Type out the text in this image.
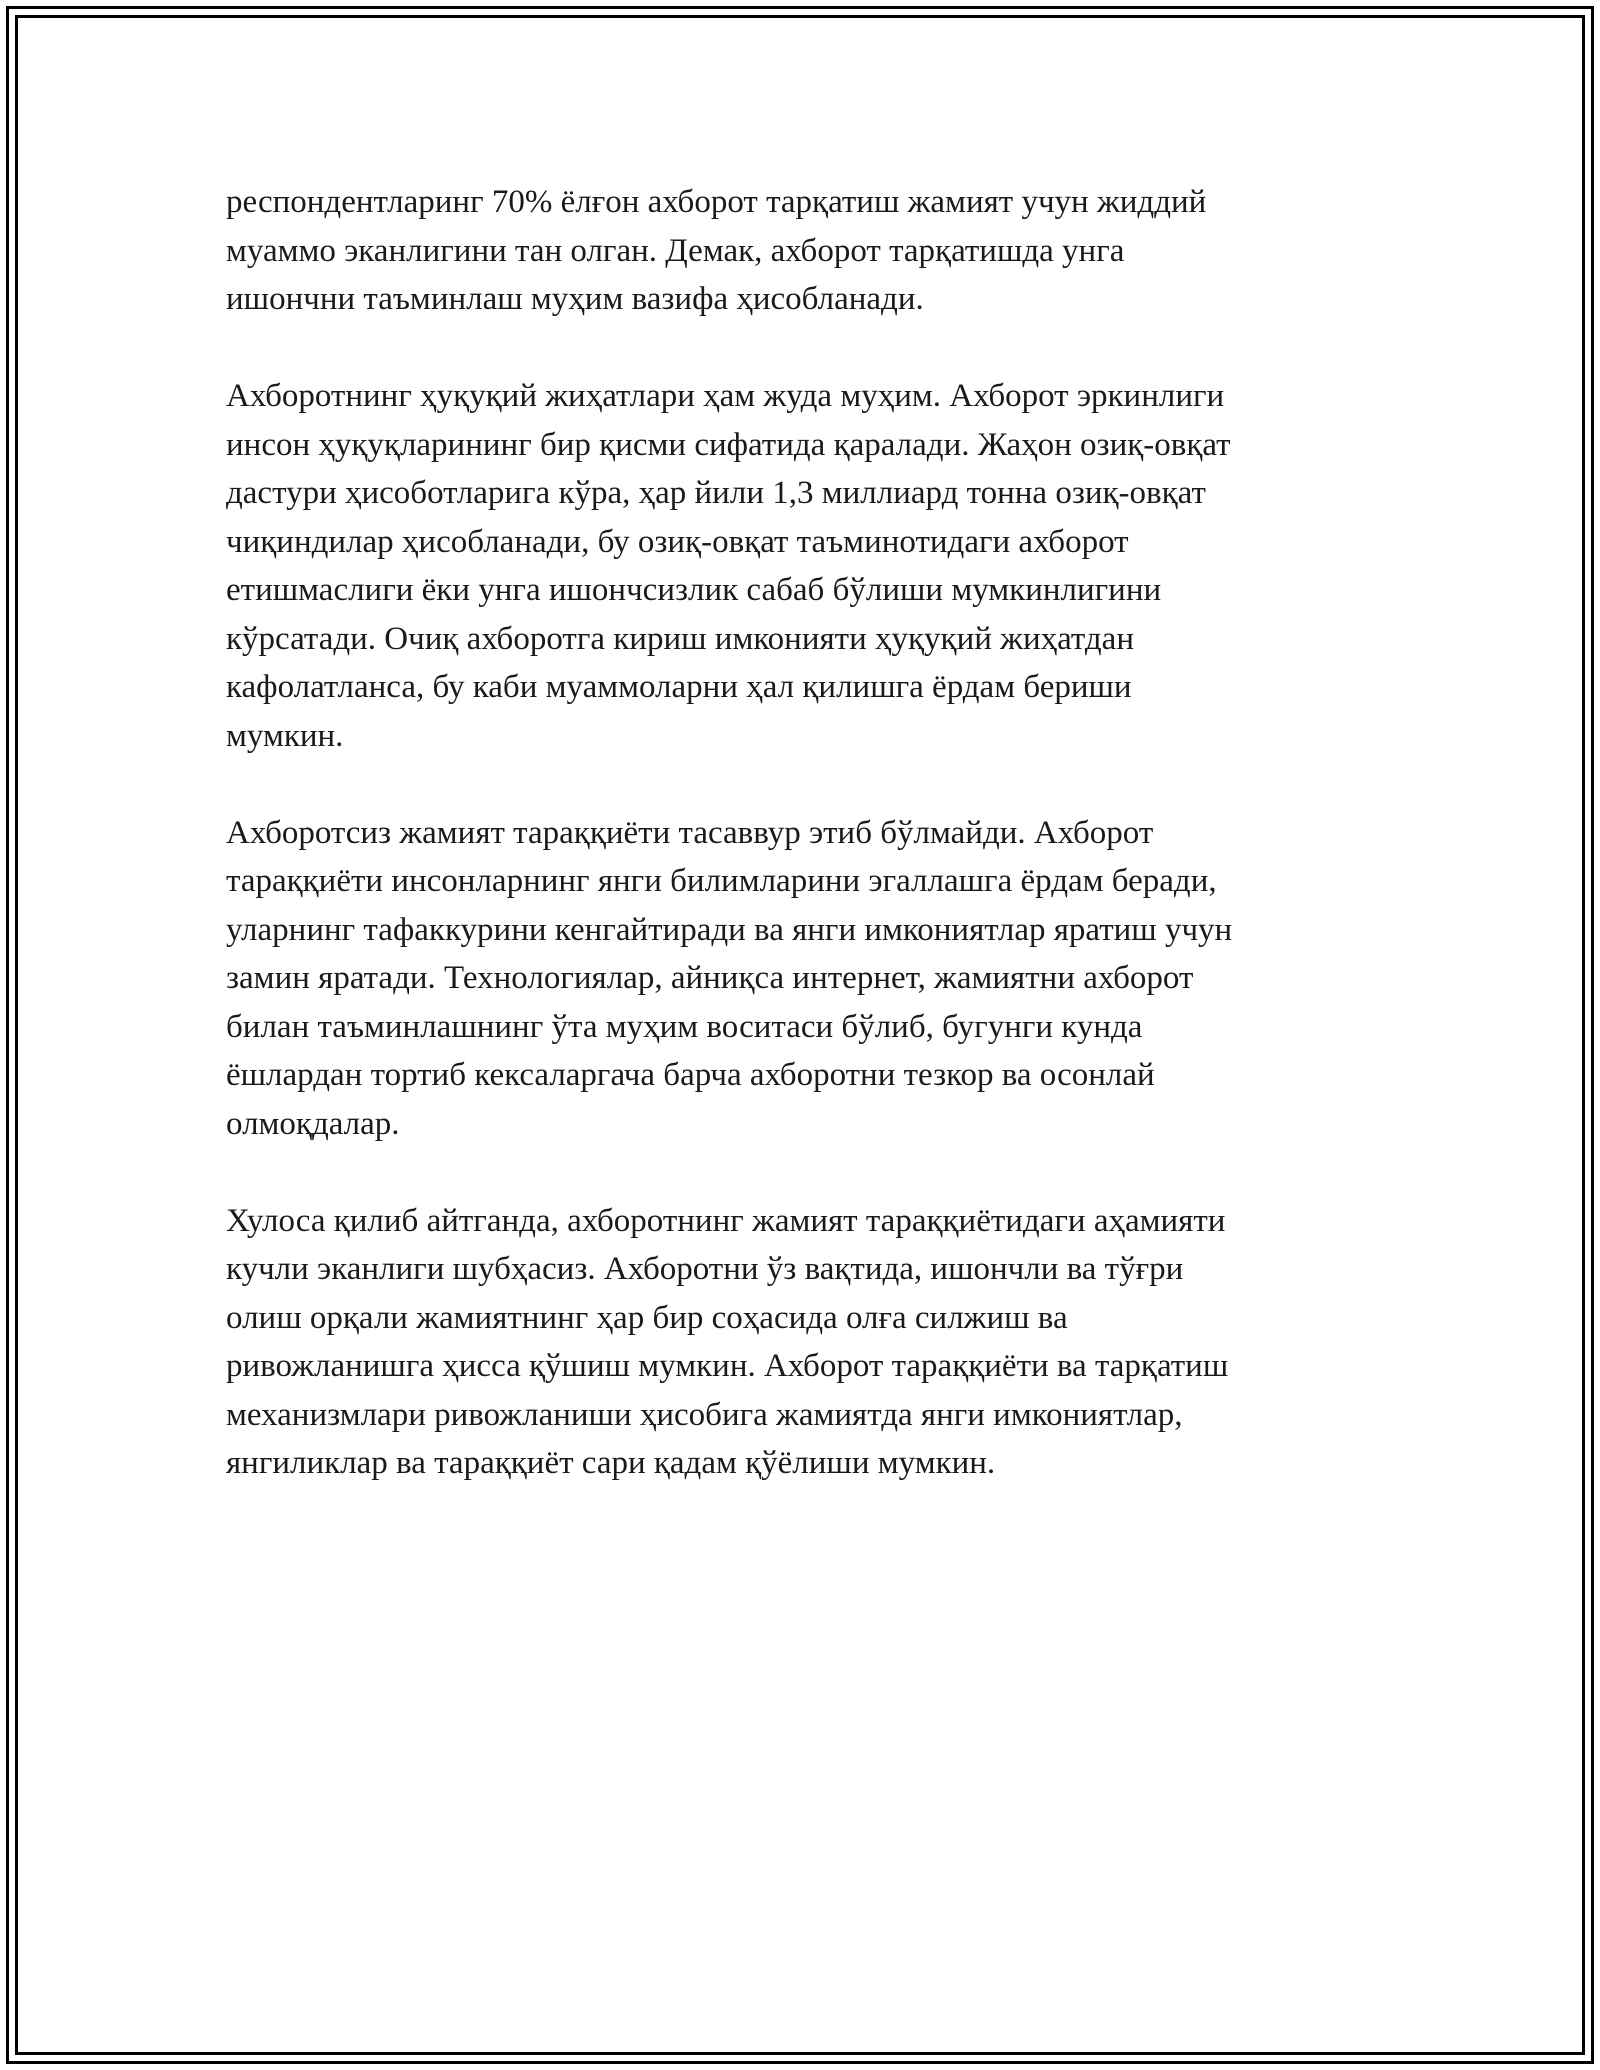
респондентларинг 70% ёлғон ахборот тарқатиш жамият учун жиддий
муаммо эканлигини тан олган. Демак, ахборот тарқатишда унга
ишончни таъминлаш муҳим вазифа ҳисобланади.

Ахборотнинг ҳуқуқий жиҳатлари ҳам жуда муҳим. Ахборот эркинлиги
инсон ҳуқуқларининг бир қисми сифатида қаралади. Жаҳон озиқ-овқат
дастури ҳисоботларига кўра, ҳар йили 1,3 миллиард тонна озиқ-овқат
чиқиндилар ҳисобланади, бу озиқ-овқат таъминотидаги ахборот
етишмаслиги ёки унга ишончсизлик сабаб бўлиши мумкинлигини
кўрсатади. Очиқ ахборотга кириш имконияти ҳуқуқий жиҳатдан
кафолатланса, бу каби муаммоларни ҳал қилишга ёрдам бериши
мумкин.

Ахборотсиз жамият тараққиёти тасаввур этиб бўлмайди. Ахборот
тараққиёти инсонларнинг янги билимларини эгаллашга ёрдам беради,
уларнинг тафаккурини кенгайтиради ва янги имкониятлар яратиш учун
замин яратади. Технологиялар, айниқса интернет, жамиятни ахборот
билан таъминлашнинг ўта муҳим воситаси бўлиб, бугунги кунда
ёшлардан тортиб кексаларгача барча ахборотни тезкор ва осонлай
олмоқдалар.

Хулоса қилиб айтганда, ахборотнинг жамият тараққиётидаги аҳамияти
кучли эканлиги шубҳасиз. Ахборотни ўз вақтида, ишончли ва тўғри
олиш орқали жамиятнинг ҳар бир соҳасида олға силжиш ва
ривожланишга ҳисса қўшиш мумкин. Ахборот тараққиёти ва тарқатиш
механизмлари ривожланиши ҳисобига жамиятда янги имкониятлар,
янгиликлар ва тараққиёт сари қадам қўёлиши мумкин.
